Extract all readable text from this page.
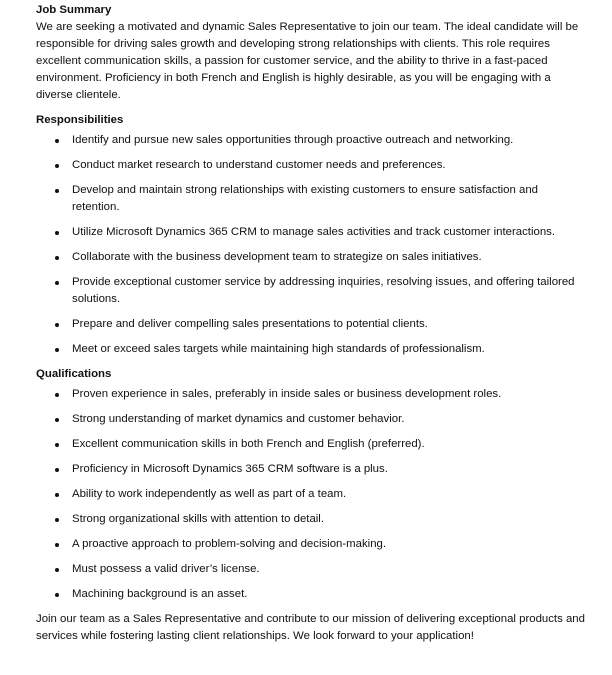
Job Summary

We are seeking a motivated and dynamic Sales Representative to join our team. The ideal candidate will be responsible for driving sales growth and developing strong relationships with clients. This role requires excellent communication skills, a passion for customer service, and the ability to thrive in a fast-paced environment. Proficiency in both French and English is highly desirable, as you will be engaging with a diverse clientele.

Responsibilities

Identify and pursue new sales opportunities through proactive outreach and networking.
Conduct market research to understand customer needs and preferences.
Develop and maintain strong relationships with existing customers to ensure satisfaction and retention.
Utilize Microsoft Dynamics 365 CRM to manage sales activities and track customer interactions.
Collaborate with the business development team to strategize on sales initiatives.
Provide exceptional customer service by addressing inquiries, resolving issues, and offering tailored solutions.
Prepare and deliver compelling sales presentations to potential clients.
Meet or exceed sales targets while maintaining high standards of professionalism.

Qualifications

Proven experience in sales, preferably in inside sales or business development roles.
Strong understanding of market dynamics and customer behavior.
Excellent communication skills in both French and English (preferred).
Proficiency in Microsoft Dynamics 365 CRM software is a plus.
Ability to work independently as well as part of a team.
Strong organizational skills with attention to detail.
A proactive approach to problem-solving and decision-making.
Must possess a valid driver’s license.
Machining background is an asset.

Join our team as a Sales Representative and contribute to our mission of delivering exceptional products and services while fostering lasting client relationships. We look forward to your application!
